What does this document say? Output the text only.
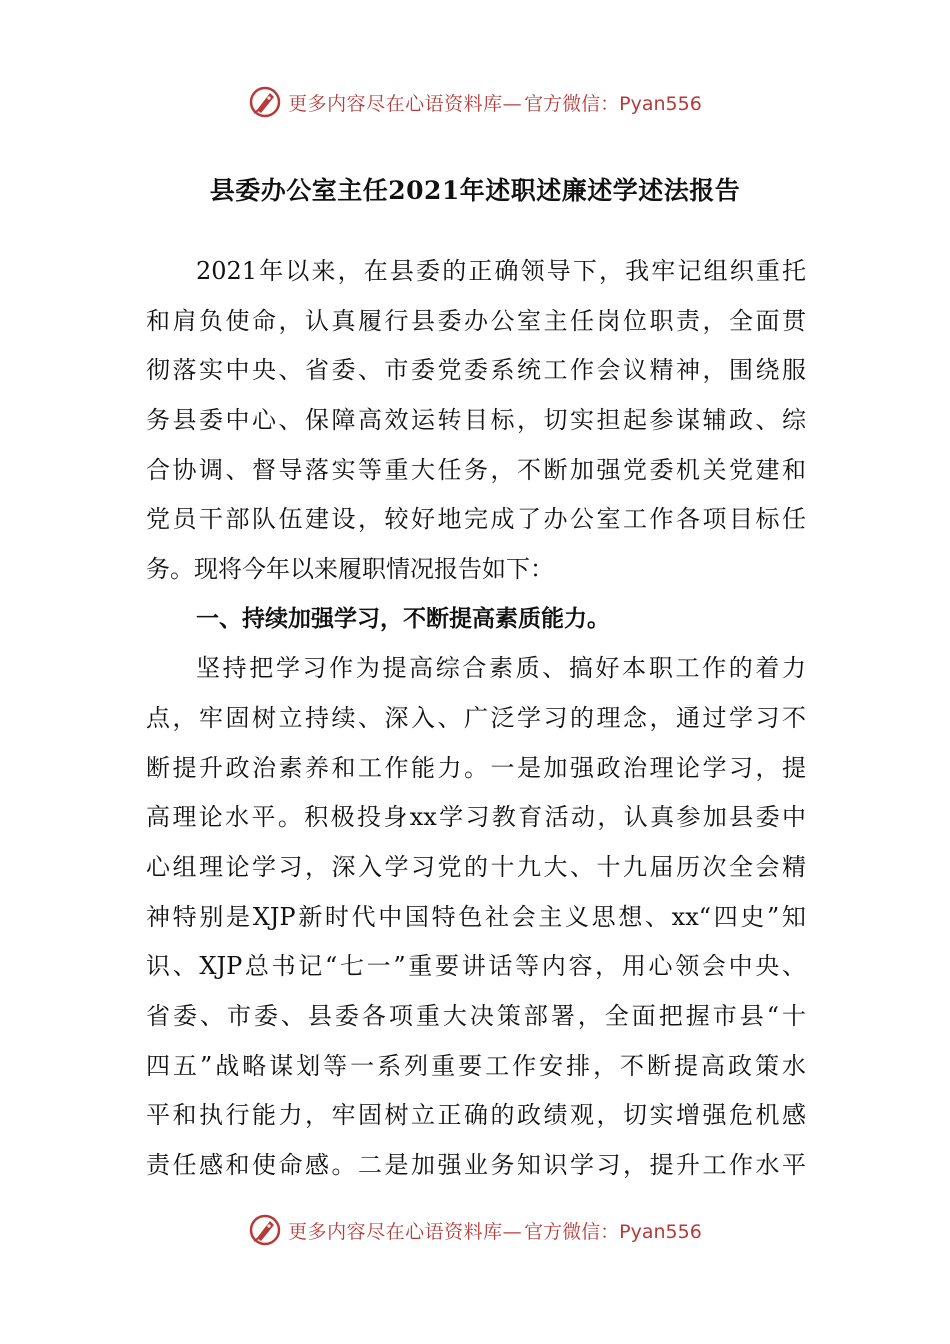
更多内容尽在心语资料库— 官方微信：Pyan556
县委办公室主任2021年述职述廉述学述法报告
2021年以来，在县委的正确领导下，我牢记组织重托
和肩负使命，认真履行县委办公室主任岗位职责，全面贯
彻落实中央、省委、市委党委系统工作会议精神，围绕服
务县委中心、保障高效运转目标，切实担起参谋辅政、综
合协调、督导落实等重大任务，不断加强党委机关党建和
党员干部队伍建设，较好地完成了办公室工作各项目标任
务。现将今年以来履职情况报告如下：
一、持续加强学习，不断提高素质能力。
坚持把学习作为提高综合素质、搞好本职工作的着力
点，牢固树立持续、深入、广泛学习的理念，通过学习不
断提升政治素养和工作能力。一是加强政治理论学习，提
高理论水平。积极投身xx学习教育活动，认真参加县委中
心组理论学习，深入学习党的十九大、十九届历次全会精
神特别是XJP新时代中国特色社会主义思想、xx“四史”知
识、XJP总书记“七一”重要讲话等内容，用心领会中央、
省委、市委、县委各项重大决策部署，全面把握市县“十
四五”战略谋划等一系列重要工作安排，不断提高政策水
平和执行能力，牢固树立正确的政绩观，切实增强危机感
责任感和使命感。二是加强业务知识学习，提升工作水平
更多内容尽在心语资料库— 官方微信：Pyan556
